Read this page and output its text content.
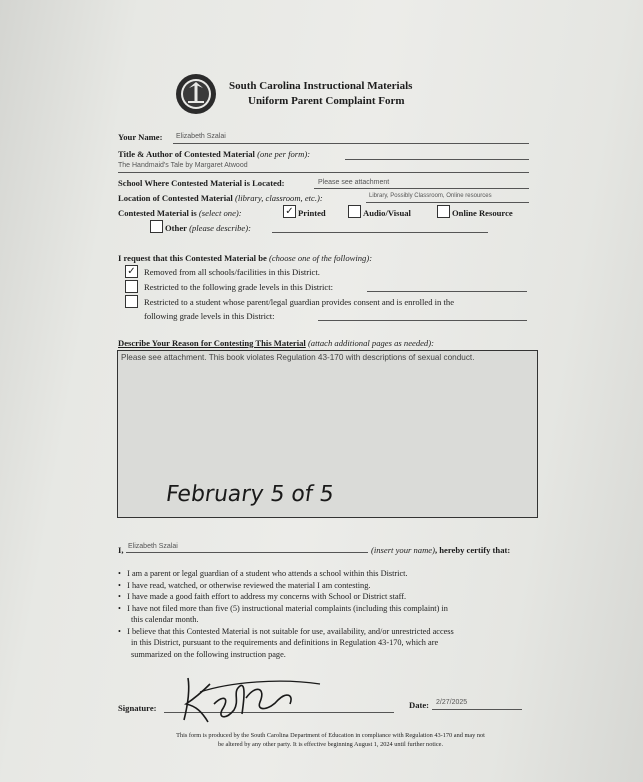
South Carolina Instructional Materials
Uniform Parent Complaint Form
Your Name: Elizabeth Szalai
Title & Author of Contested Material (one per form):
The Handmaid's Tale by Margaret Atwood
School Where Contested Material is Located:	Please see attachment
Location of Contested Material (library, classroom, etc.):	Library, Possibly Classroom, Online resources
Contested Material is (select one):	✓ Printed	Audio/Visual	Online Resource
Other (please describe):
I request that this Contested Material be (choose one of the following):
✓ Removed from all schools/facilities in this District.
Restricted to the following grade levels in this District:
Restricted to a student whose parent/legal guardian provides consent and is enrolled in the
following grade levels in this District:
Describe Your Reason for Contesting This Material (attach additional pages as needed):
Please see attachment. This book violates Regulation 43-170 with descriptions of sexual conduct.
February 5 of 5
I, Elizabeth Szalai	(insert your name), hereby certify that:
•   I am a parent or legal guardian of a student who attends a school within this District.
•   I have read, watched, or otherwise reviewed the material I am contesting.
•   I have made a good faith effort to address my concerns with School or District staff.
•   I have not filed more than five (5) instructional material complaints (including this complaint) in
this calendar month.
•   I believe that this Contested Material is not suitable for use, availability, and/or unrestricted access
in this District, pursuant to the requirements and definitions in Regulation 43-170, which are
summarized on the following instruction page.
Signature:	Date: 2/27/2025
This form is produced by the South Carolina Department of Education in compliance with Regulation 43-170 and may not
be altered by any other party. It is effective beginning August 1, 2024 until further notice.
